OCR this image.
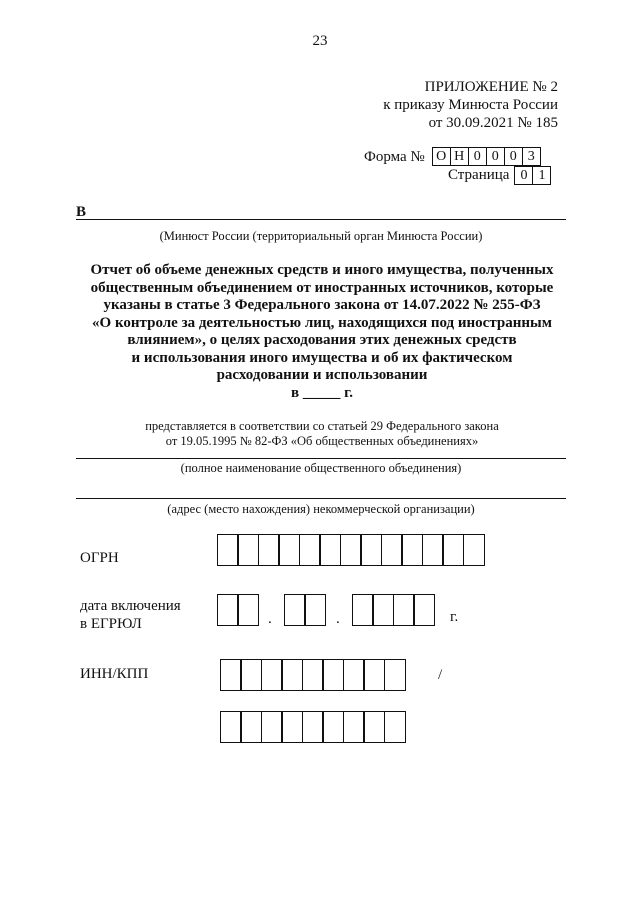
23
ПРИЛОЖЕНИЕ № 2
к приказу Минюста России
от 30.09.2021 № 185
Форма № О Н 0 0 0 3
Страница 0 1
В
(Минюст России (территориальный орган Минюста России)
Отчет об объеме денежных средств и иного имущества, полученных
общественным объединением от иностранных источников, которые
указаны в статье 3 Федерального закона от 14.07.2022 № 255-ФЗ
«О контроле за деятельностью лиц, находящихся под иностранным
влиянием», о целях расходования этих денежных средств
и использования иного имущества и об их фактическом
расходовании и использовании
в _____ г.
представляется в соответствии со статьей 29 Федерального закона
от 19.05.1995 № 82-ФЗ «Об общественных объединениях»
(полное наименование общественного объединения)
(адрес (место нахождения) некоммерческой организации)
ОГРН
дата включения
в ЕГРЮЛ	.	.	г.
ИНН/КПП	/
